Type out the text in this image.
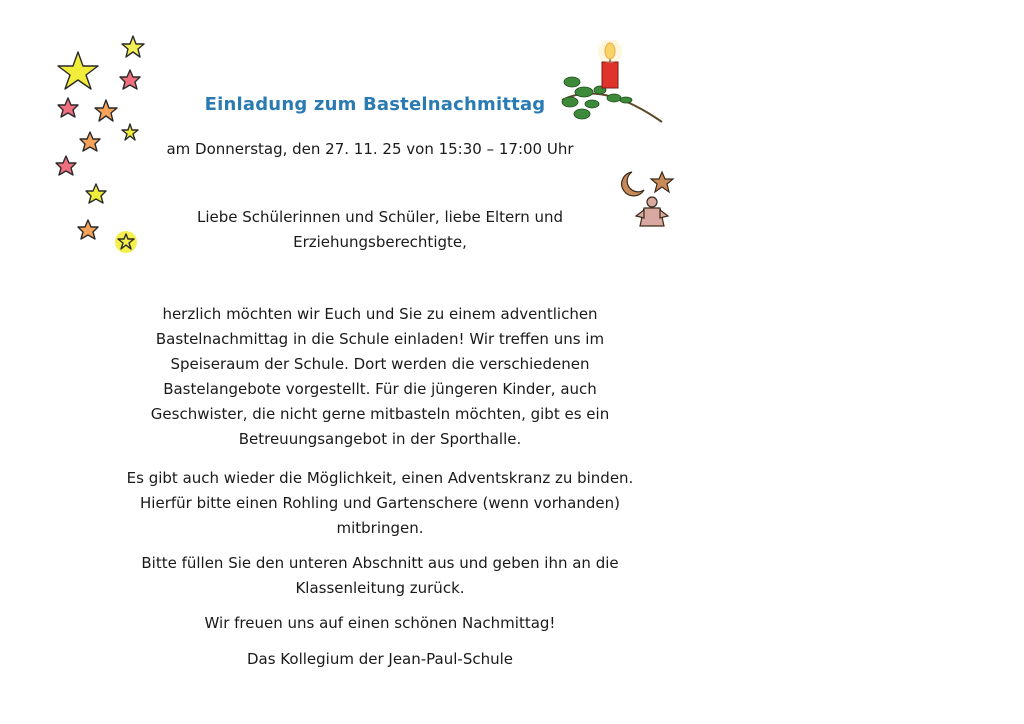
Einladung zum Bastelnachmittag
am Donnerstag, den 27. 11. 25 von 15:30 – 17:00 Uhr
Liebe Schülerinnen und Schüler, liebe Eltern und
Erziehungsberechtigte,
herzlich möchten wir Euch und Sie zu einem adventlichen
Bastelnachmittag in die Schule einladen! Wir treffen uns im
Speiseraum der Schule. Dort werden die verschiedenen
Bastelangebote vorgestellt. Für die jüngeren Kinder, auch
Geschwister, die nicht gerne mitbasteln möchten, gibt es ein
Betreuungsangebot in der Sporthalle.
Es gibt auch wieder die Möglichkeit, einen Adventskranz zu binden.
Hierfür bitte einen Rohling und Gartenschere (wenn vorhanden)
mitbringen.
Bitte füllen Sie den unteren Abschnitt aus und geben ihn an die
Klassenleitung zurück.
Wir freuen uns auf einen schönen Nachmittag!
Das Kollegium der Jean-Paul-Schule
